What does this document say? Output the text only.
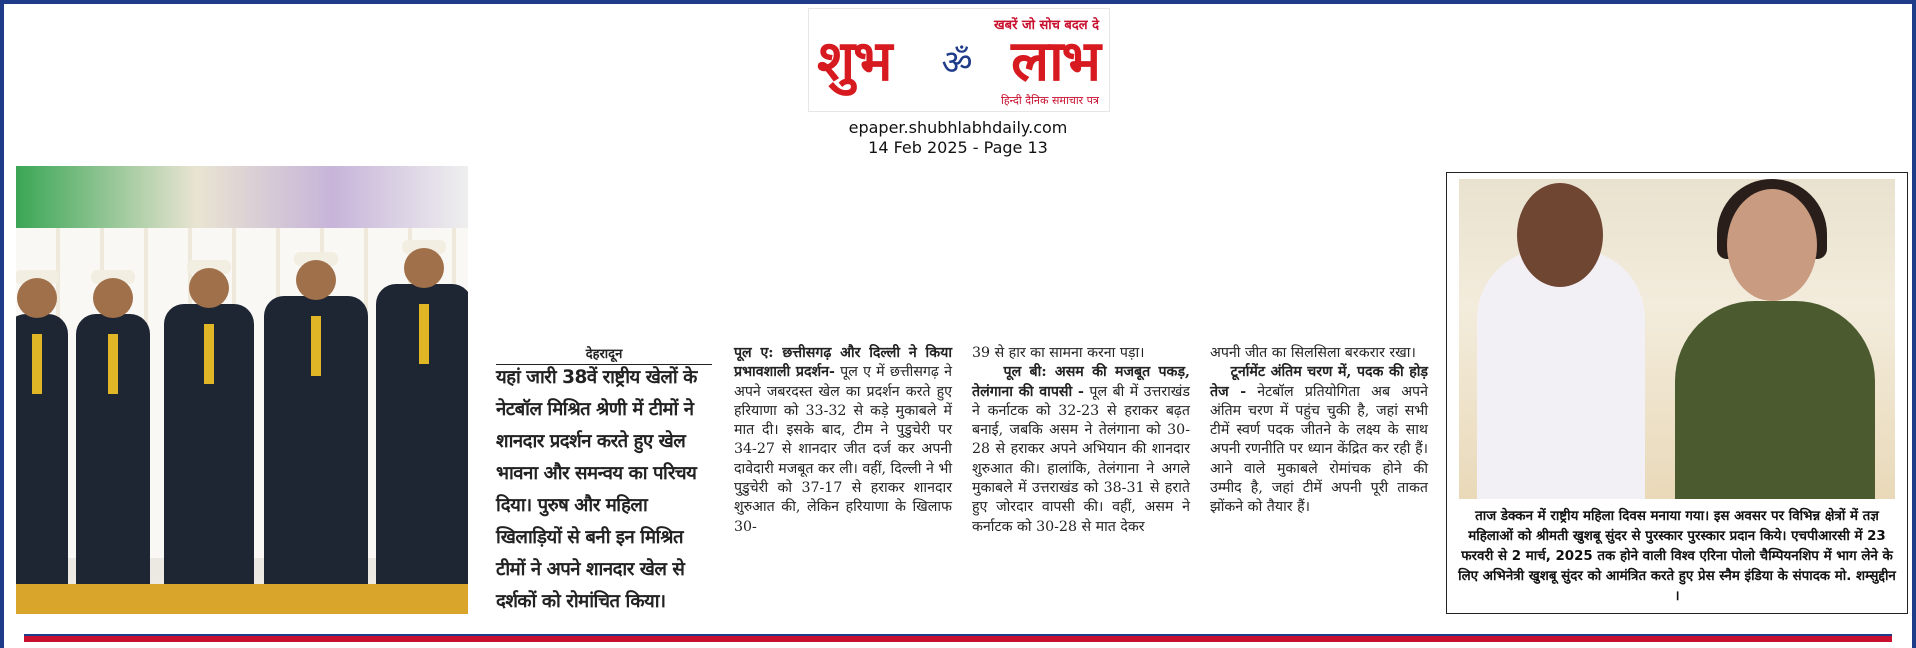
खबरें जो सोच बदल दे
शुभ ॐ लाभ
हिन्दी दैनिक समाचार पत्र
epaper.shubhlabhdaily.com
14 Feb 2025 - Page 13
देहरादून
यहां जारी 38वें राष्ट्रीय खेलों के नेटबॉल मिश्रित श्रेणी में टीमों ने शानदार प्रदर्शन करते हुए खेल भावना और समन्वय का परिचय दिया। पुरुष और महिला खिलाड़ियों से बनी इन मिश्रित टीमों ने अपने शानदार खेल से दर्शकों को रोमांचित किया।
पूल ए: छत्तीसगढ़ और दिल्ली ने किया प्रभावशाली प्रदर्शन- पूल ए में छत्तीसगढ़ ने अपने जबरदस्त खेल का प्रदर्शन करते हुए हरियाणा को 33-32 से कड़े मुकाबले में मात दी। इसके बाद, टीम ने पुडुचेरी पर 34-27 से शानदार जीत दर्ज कर अपनी दावेदारी मजबूत कर ली। वहीं, दिल्ली ने भी पुडुचेरी को 37-17 से हराकर शानदार शुरुआत की, लेकिन हरियाणा के खिलाफ 30-
39 से हार का सामना करना पड़ा।
पूल बी: असम की मजबूत पकड़, तेलंगाना की वापसी - पूल बी में उत्तराखंड ने कर्नाटक को 32-23 से हराकर बढ़त बनाई, जबकि असम ने तेलंगाना को 30-28 से हराकर अपने अभियान की शानदार शुरुआत की। हालांकि, तेलंगाना ने अगले मुकाबले में उत्तराखंड को 38-31 से हराते हुए जोरदार वापसी की। वहीं, असम ने कर्नाटक को 30-28 से मात देकर
अपनी जीत का सिलसिला बरकरार रखा।
टूर्नामेंट अंतिम चरण में, पदक की होड़ तेज - नेटबॉल प्रतियोगिता अब अपने अंतिम चरण में पहुंच चुकी है, जहां सभी टीमें स्वर्ण पदक जीतने के लक्ष्य के साथ अपनी रणनीति पर ध्यान केंद्रित कर रही हैं। आने वाले मुकाबले रोमांचक होने की उम्मीद है, जहां टीमें अपनी पूरी ताकत झोंकने को तैयार हैं।
ताज डेक्कन में राष्ट्रीय महिला दिवस मनाया गया। इस अवसर पर विभिन्न क्षेत्रों में तज्ञ महिलाओं को श्रीमती खुशबू सुंदर से पुरस्कार पुरस्कार प्रदान किये। एचपीआरसी में 23 फरवरी से 2 मार्च, 2025 तक होने वाली विश्व एरिना पोलो चैम्पियनशिप में भाग लेने के लिए अभिनेत्री खुशबू सुंदर को आमंत्रित करते हुए प्रेस स्नैम इंडिया के संपादक मो. शम्सुद्दीन ।
